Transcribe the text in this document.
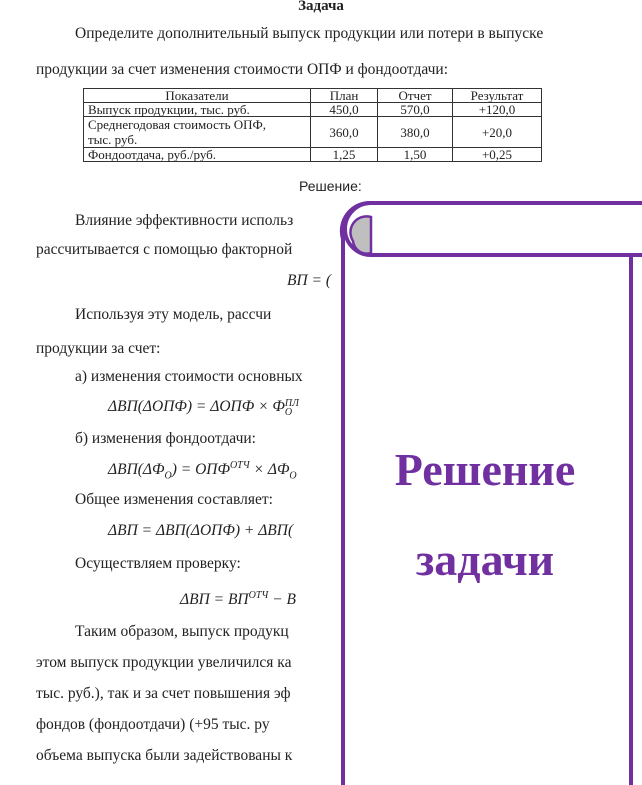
Задача
Определите дополнительный выпуск продукции или потери в выпуске
продукции за счет изменения стоимости ОПФ и фондоотдачи:
Показатели	План	Отчет	Результат
Выпуск продукции, тыс. руб.	450,0	570,0	+120,0
Среднегодовая стоимость ОПФ,
тыс. руб.	360,0	380,0	+20,0
Фондоотдача, руб./руб.	1,25	1,50	+0,25
Решение:
Влияние эффективности использ
рассчитывается с помощью факторной
ВП = (
Используя эту модель, рассчи
продукции за счет:
а) изменения стоимости основных
ΔВП(ΔОПФ) = ΔОПФ × Ф ПЛ
О
б) изменения фондоотдачи:
$\Delta ВП(\Delta Ф_О) = ОПФ^{ОТЧ} \times \Delta Ф_О$
Общее изменения составляет:
ΔВП = ΔВП(ΔОПФ) + ΔВП(
Осуществляем проверку:
$\Delta ВП = ВП^{ОТЧ} - В$
Таким образом, выпуск продукц
этом выпуск продукции увеличился ка
тыс. руб.), так и за счет повышения эф
фондов (фондоотдачи) (+95 тыс. ру
объема выпуска были задействованы к
Решение
задачи
